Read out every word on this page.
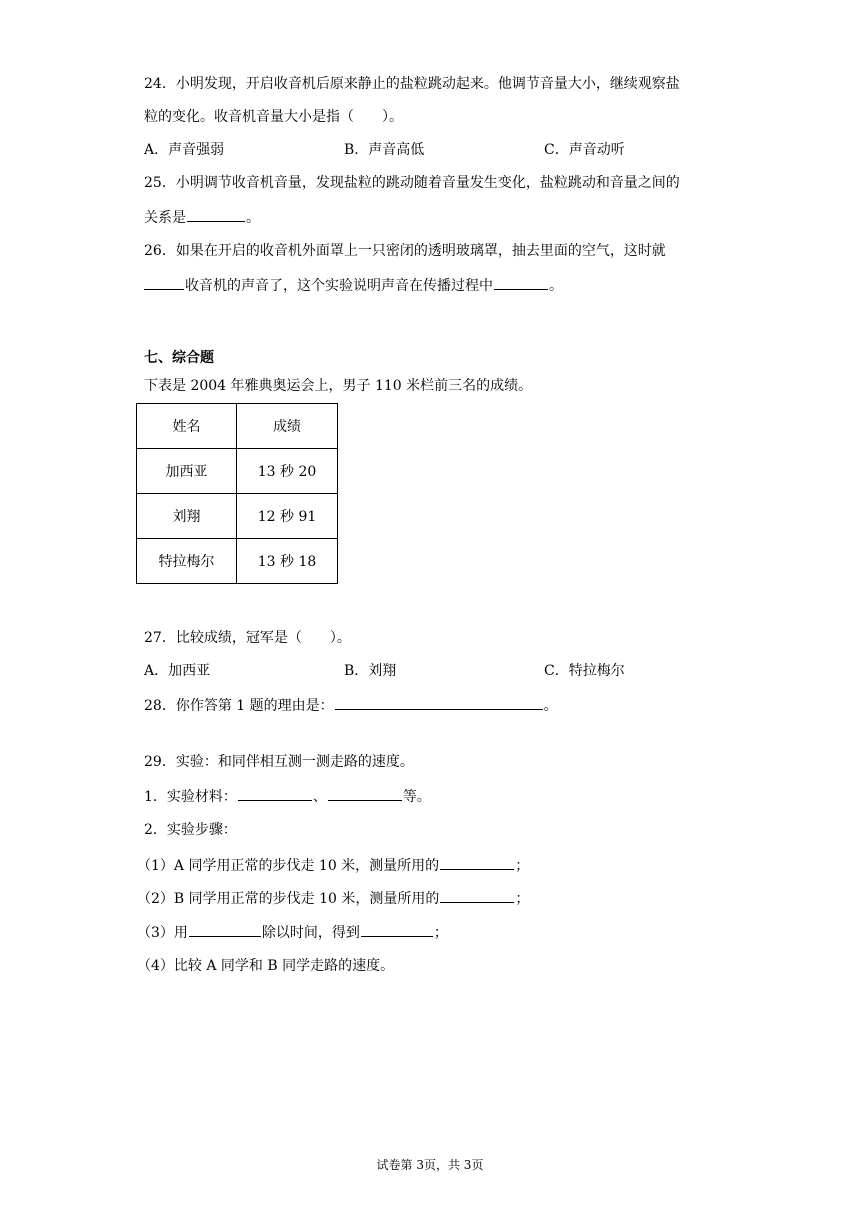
24．小明发现，开启收音机后原来静止的盐粒跳动起来。他调节音量大小，继续观察盐
粒的变化。收音机音量大小是指（　　）。
A．声音强弱	B．声音高低	C．声音动听
25．小明调节收音机音量，发现盐粒的跳动随着音量发生变化，盐粒跳动和音量之间的
关系是	。
26．如果在开启的收音机外面罩上一只密闭的透明玻璃罩，抽去里面的空气，这时就
收音机的声音了，这个实验说明声音在传播过程中	。
七、综合题
下表是 2004 年雅典奥运会上，男子 110 米栏前三名的成绩。
姓名	成绩
加西亚	13 秒 20
刘翔	12 秒 91
特拉梅尔	13 秒 18
27．比较成绩，冠军是（　　）。
A．加西亚	B．刘翔	C．特拉梅尔
28．你作答第 1 题的理由是：	。
29．实验：和同伴相互测一测走路的速度。
1．实验材料：	、	等。
2．实验步骤：
（1）A 同学用正常的步伐走 10 米，测量所用的	；
（2）B 同学用正常的步伐走 10 米，测量所用的	；
（3）用	除以时间，得到	；
（4）比较 A 同学和 B 同学走路的速度。
试卷第 3页，共 3页
